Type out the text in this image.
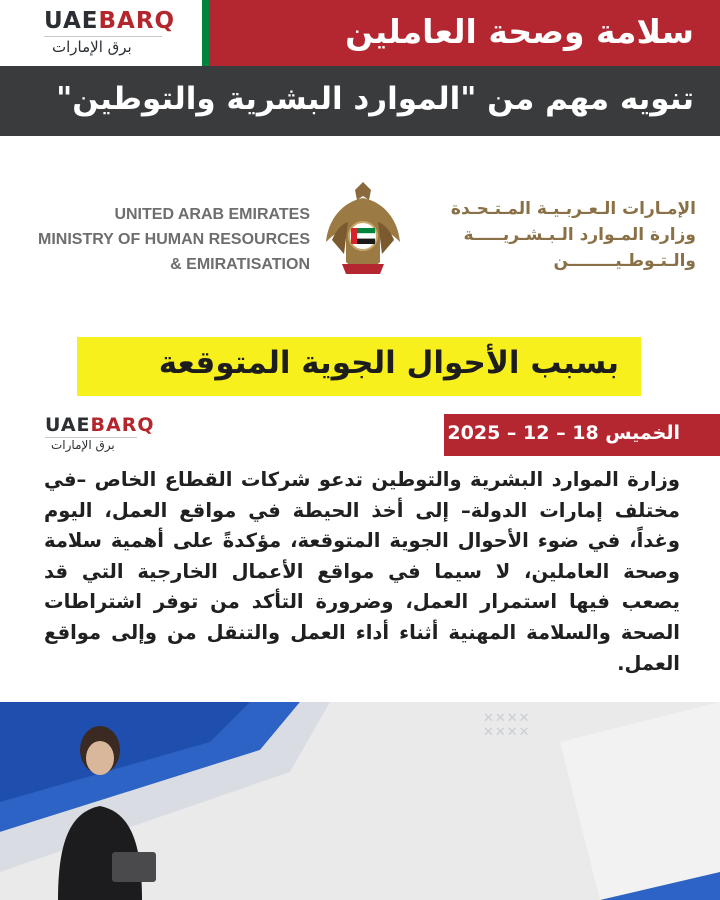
UAEBARQ
برق الإمارات	سلامة وصحة العاملين
تنويه مهم من "الموارد البشرية والتوطين"
UNITED ARAB EMIRATES
MINISTRY OF HUMAN RESOURCES
& EMIRATISATION
الإمـارات الـعـربـيـة المـتـحـدة
وزارة المـوارد الـبـشـريـــــة
والـتـوطـيــــــــن
بسبب الأحوال الجوية المتوقعة
UAEBARQ
برق الإمارات
الخميس 18 – 12 – 2025
وزارة الموارد البشرية والتوطين تدعو شركات القطاع الخاص –في مختلف إمارات الدولة– إلى أخذ الحيطة في مواقع العمل، اليوم وغداً، في ضوء الأحوال الجوية المتوقعة، مؤكدةً على أهمية سلامة وصحة العاملين، لا سيما في مواقع الأعمال الخارجية التي قد يصعب فيها استمرار العمل، وضرورة التأكد من توفر اشتراطات الصحة والسلامة المهنية أثناء أداء العمل والتنقل من وإلى مواقع العمل.
✕✕✕✕
✕✕✕✕
